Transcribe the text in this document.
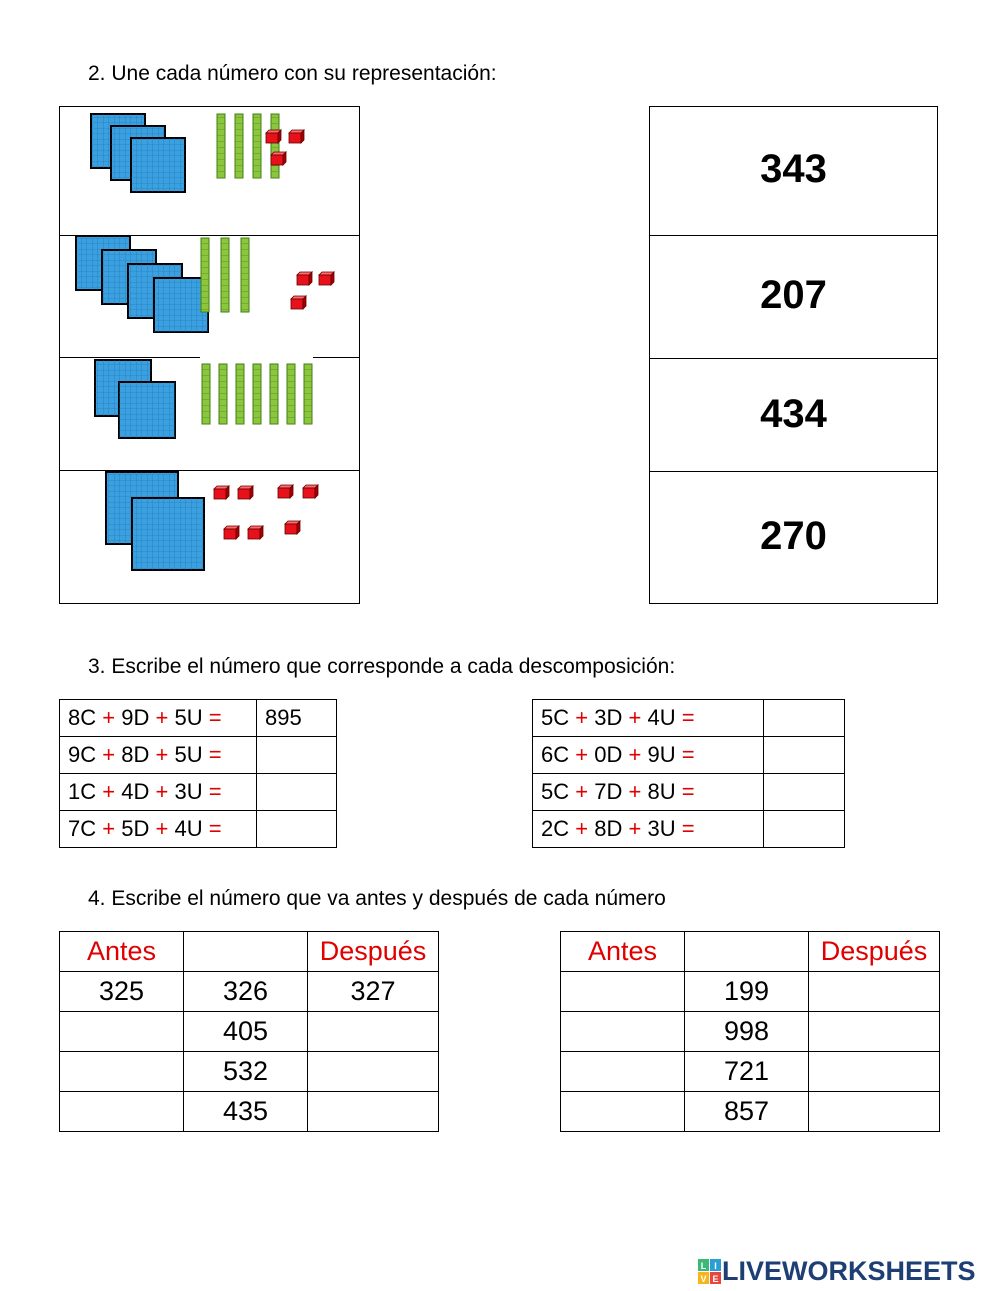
2. Une cada número con su representación:
343
207
434
270
3. Escribe el número que corresponde a cada descomposición:
8C + 9D + 5U =	895
9C + 8D + 5U =	
1C + 4D + 3U =	
7C + 5D + 4U =	
5C + 3D + 4U =	
6C + 0D + 9U =	
5C + 7D + 8U =	
2C + 8D + 3U =	
4. Escribe el número que va antes y después de cada número
Antes		Después
325	326	327
	405	
	532	
	435	
Antes		Después
	199	
	998	
	721	
	857	
L I
V E LIVEWORKSHEETS
